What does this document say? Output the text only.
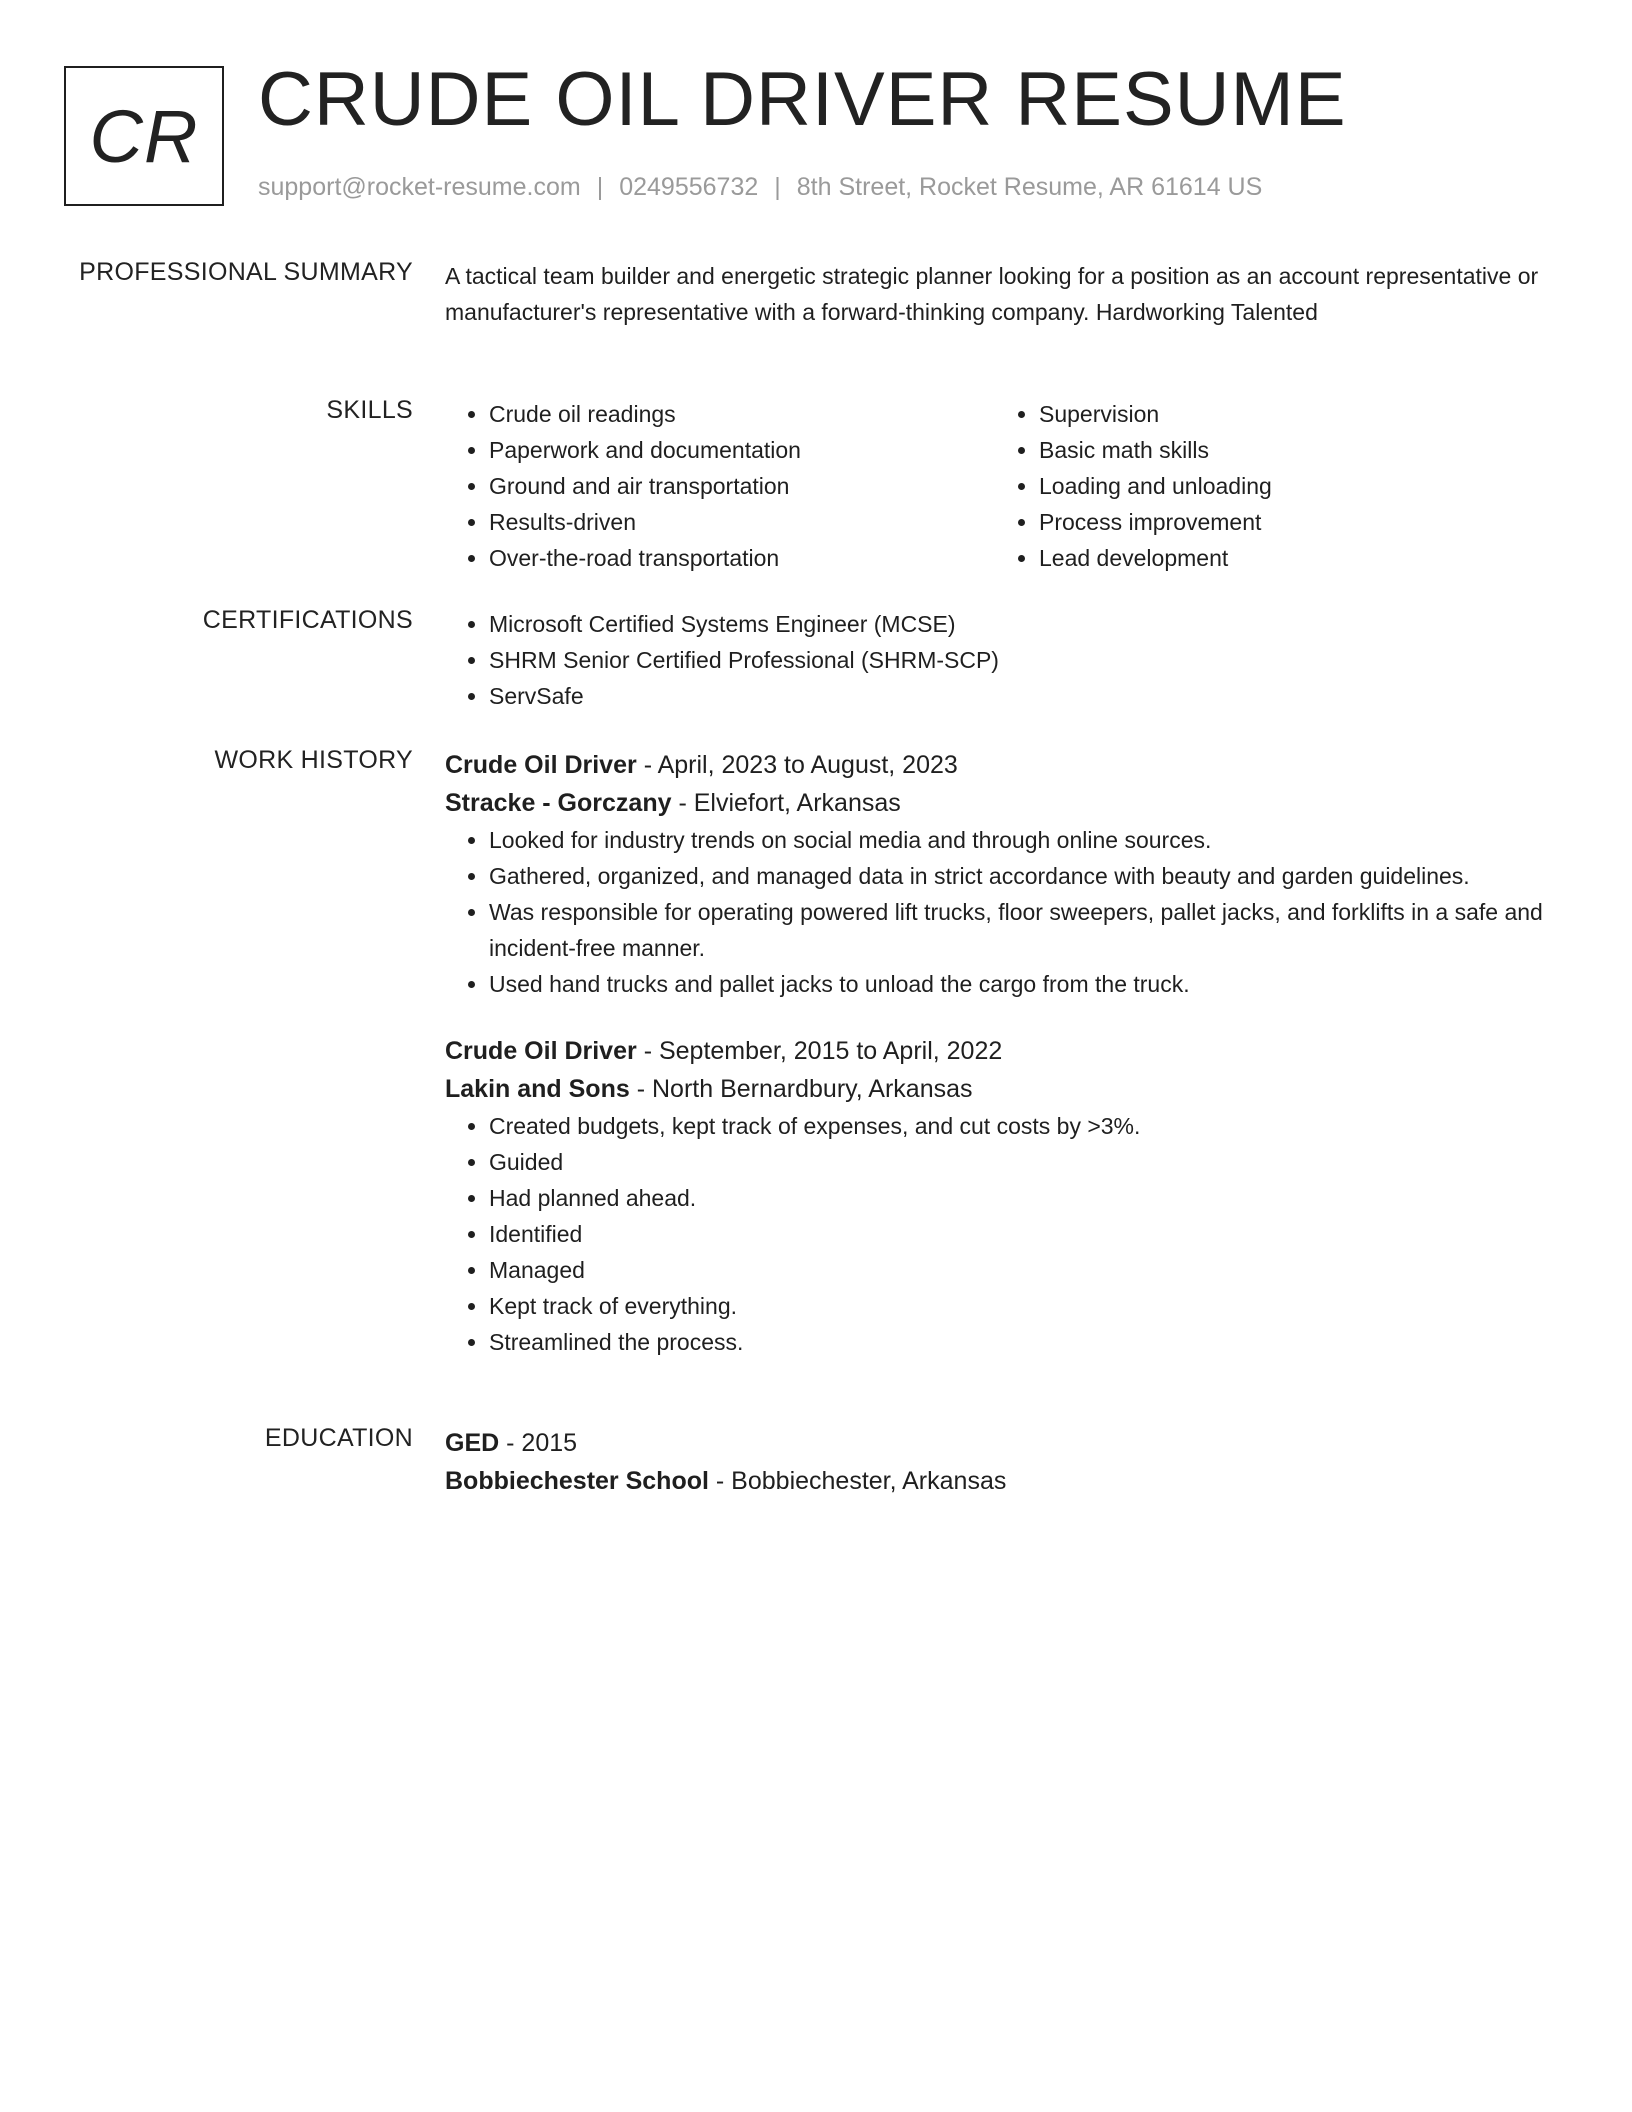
CR CRUDE OIL DRIVER RESUME
support@rocket-resume.com | 0249556732 | 8th Street, Rocket Resume, AR 61614 US
PROFESSIONAL SUMMARY A tactical team builder and energetic strategic planner looking for a position as an account representative or manufacturer's representative with a forward-thinking company. Hardworking Talented

SKILLS	• Crude oil readings
• Paperwork and documentation
• Ground and air transportation
• Results-driven
• Over-the-road transportation
• Supervision
• Basic math skills
• Loading and unloading
• Process improvement
• Lead development
CERTIFICATIONS	• Microsoft Certified Systems Engineer (MCSE)
• SHRM Senior Certified Professional (SHRM-SCP)
• ServSafe
WORK HISTORY Crude Oil Driver - April, 2023 to August, 2023
Stracke - Gorczany - Elviefort, Arkansas
• Looked for industry trends on social media and through online sources.
• Gathered, organized, and managed data in strict accordance with beauty and garden guidelines.
• Was responsible for operating powered lift trucks, floor sweepers, pallet jacks, and forklifts in a safe and incident-free manner.
• Used hand trucks and pallet jacks to unload the cargo from the truck.
Crude Oil Driver - September, 2015 to April, 2022
Lakin and Sons - North Bernardbury, Arkansas
• Created budgets, kept track of expenses, and cut costs by >3%.
• Guided
• Had planned ahead.
• Identified
• Managed
• Kept track of everything.
• Streamlined the process.
EDUCATION GED - 2015
Bobbiechester School - Bobbiechester, Arkansas
